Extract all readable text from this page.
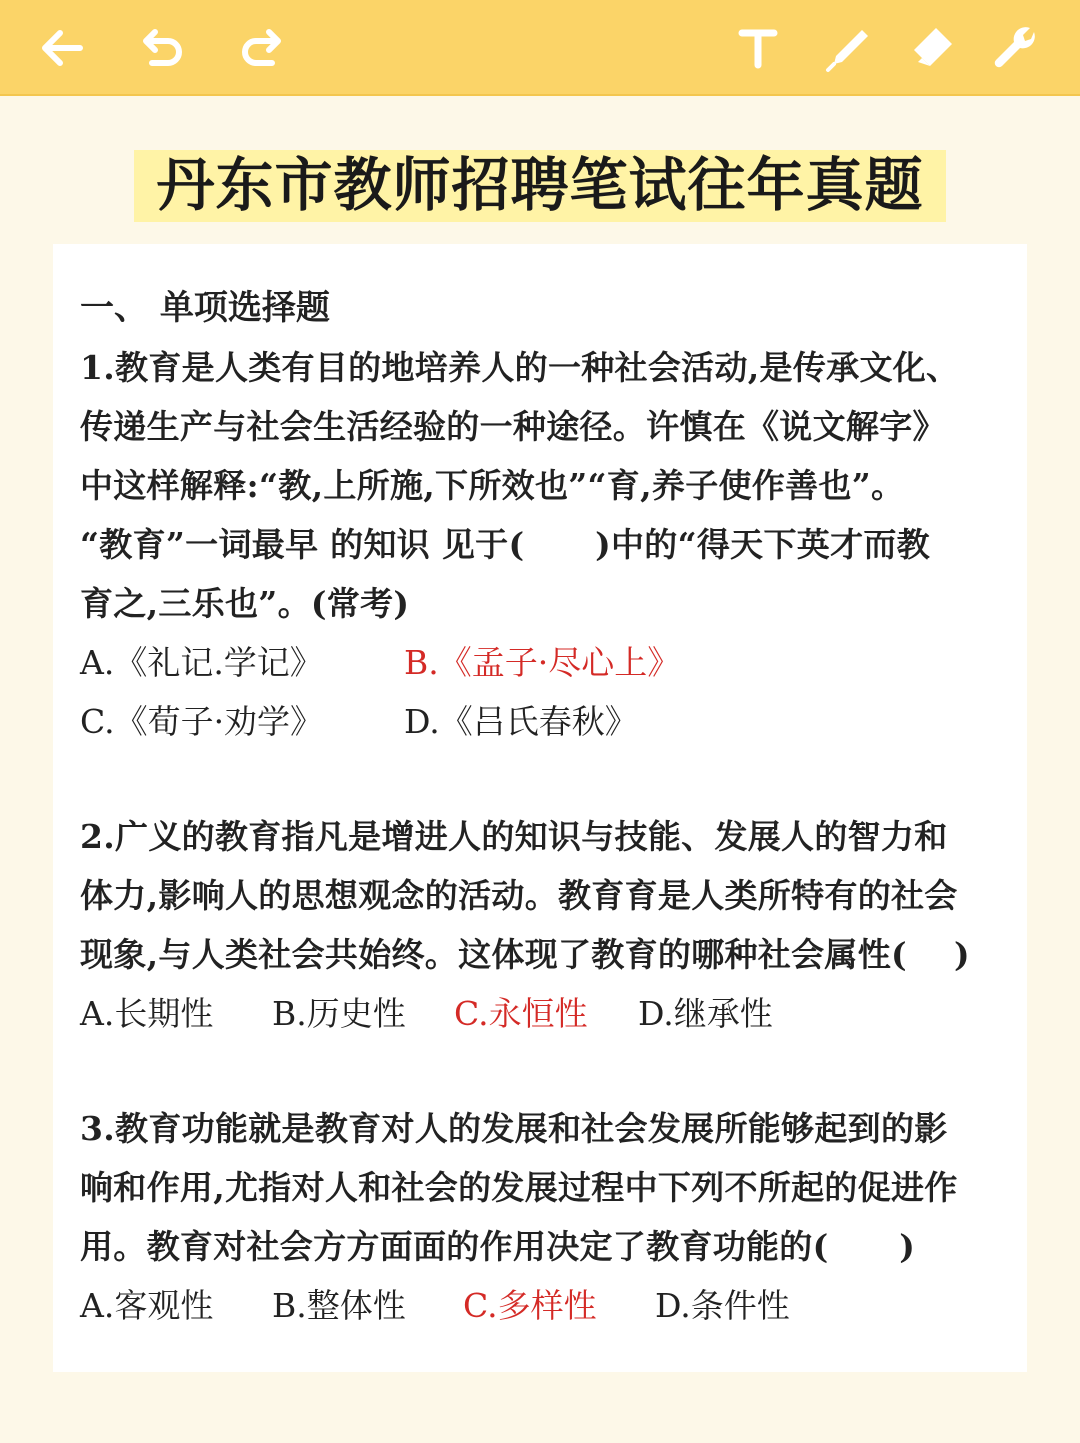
丹东市教师招聘笔试往年真题

一、 单项选择题

1.教育是人类有目的地培养人的一种社会活动,是传承文化、

传递生产与社会生活经验的一种途径。许慎在《说文解字》

中这样解释:“教,上所施,下所效也”“育,养子使作善也”。

“教育”一词最早 的知识 见于(      )中的“得天下英才而教

育之,三乐也”。(常考)

A.《礼记.学记》 B.《孟子·尽心上》
C.《荀子·劝学》 D.《吕氏春秋》

2.广义的教育指凡是增进人的知识与技能、发展人的智力和

体力,影响人的思想观念的活动。教育育是人类所特有的社会

现象,与人类社会共始终。这体现了教育的哪种社会属性(    )

A.长期性 B.历史性 C.永恒性 D.继承性

3.教育功能就是教育对人的发展和社会发展所能够起到的影

响和作用,尤指对人和社会的发展过程中下列不所起的促进作

用。教育对社会方方面面的作用决定了教育功能的(      )

A.客观性 B.整体性 C.多样性 D.条件性
